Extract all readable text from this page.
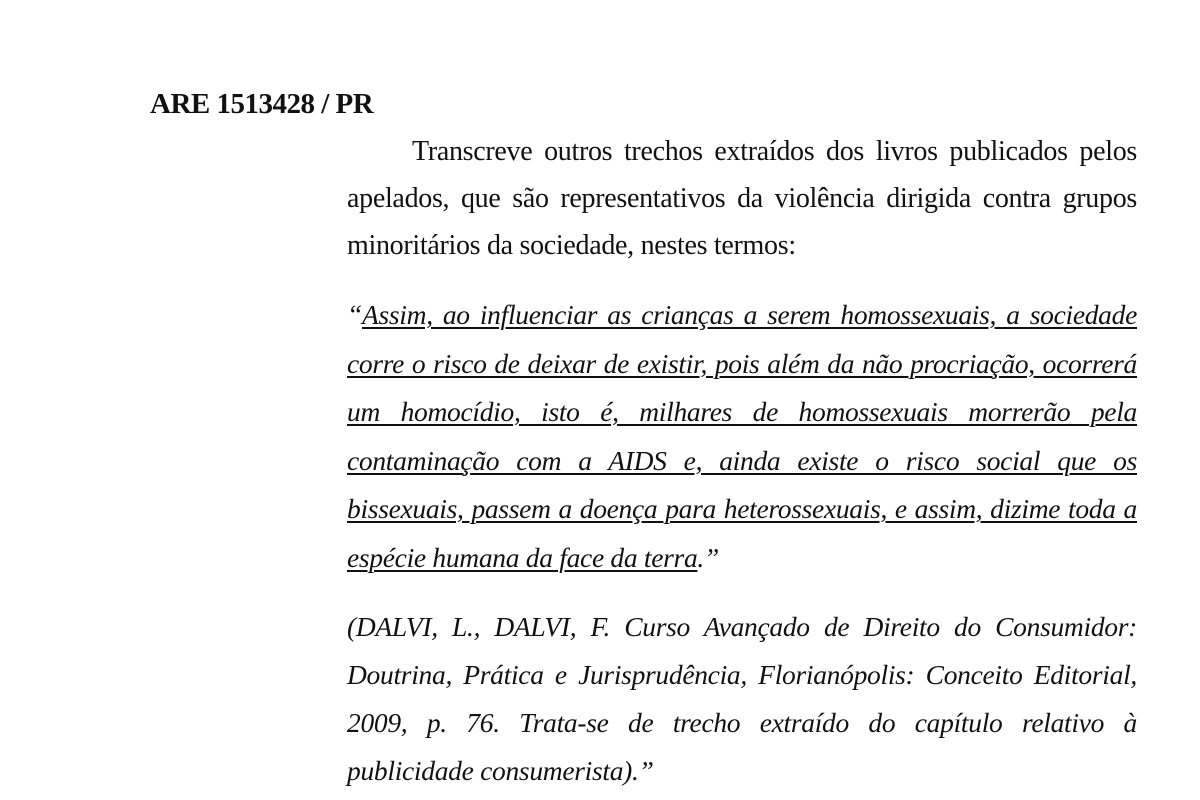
ARE 1513428 / PR

Transcreve outros trechos extraídos dos livros publicados pelos apelados, que são representativos da violência dirigida contra grupos minoritários da sociedade, nestes termos:

“Assim, ao influenciar as crianças a serem homossexuais, a sociedade corre o risco de deixar de existir, pois além da não procriação, ocorrerá um homocídio, isto é, milhares de homossexuais morrerão pela contaminação com a AIDS e, ainda existe o risco social que os bissexuais, passem a doença para heterossexuais, e assim, dizime toda a espécie humana da face da terra.”

(DALVI, L., DALVI, F. Curso Avançado de Direito do Consumidor: Doutrina, Prática e Jurisprudência, Florianópolis: Conceito Editorial, 2009, p. 76. Trata-se de trecho extraído do capítulo relativo à publicidade consumerista).”
